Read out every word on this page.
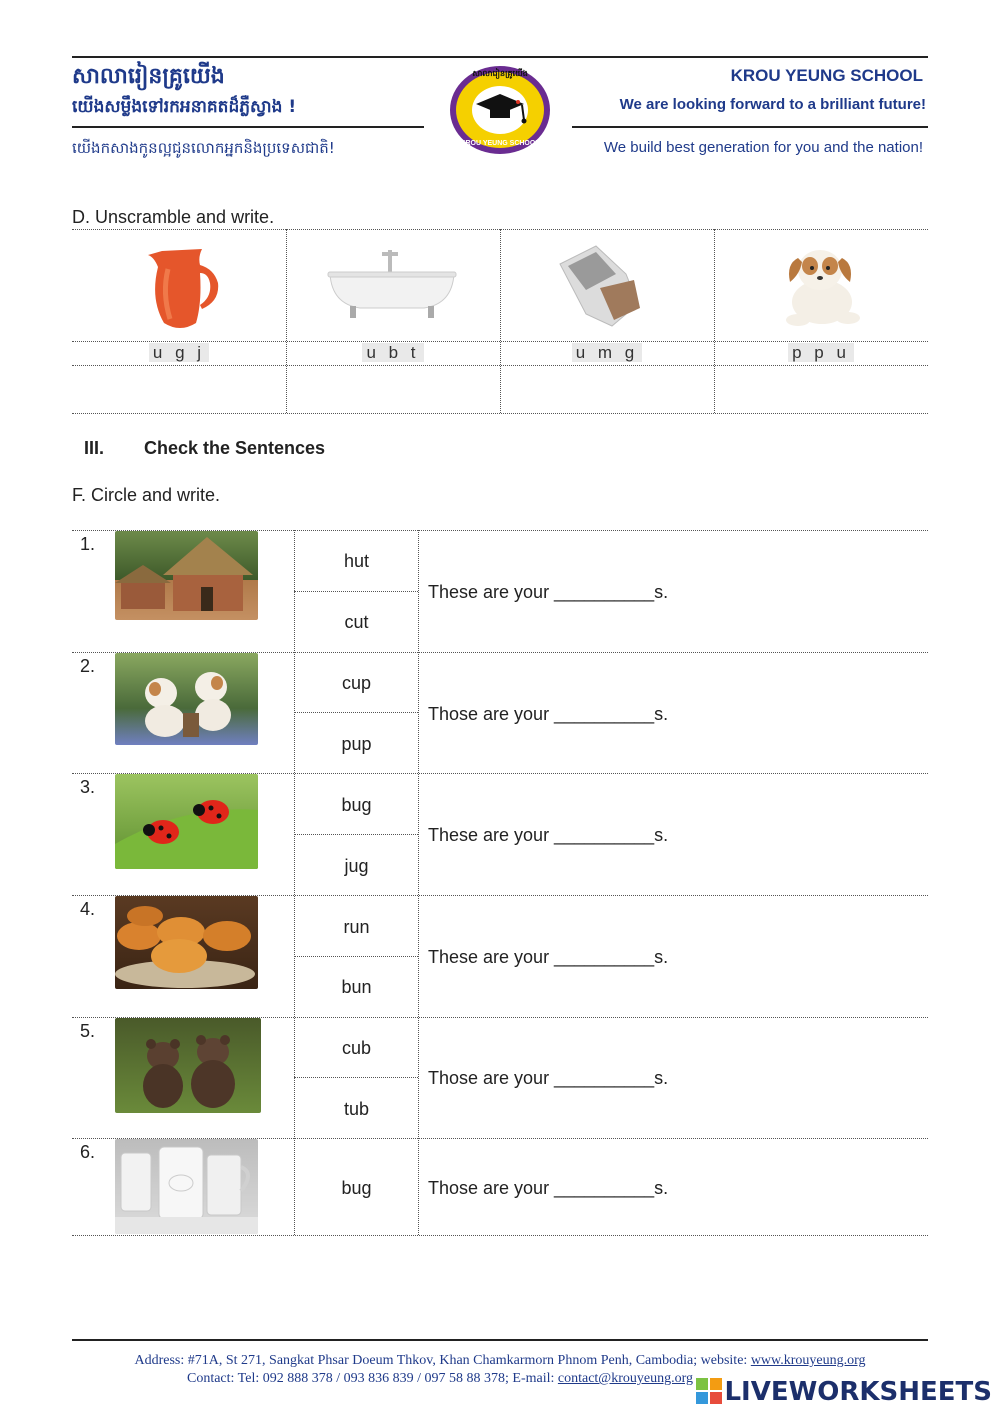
សាលារៀនគ្រូយើង
យើងសម្លឹងទៅរកអនាគតដ៏ភ្លឺស្វាង !
យើងកសាងកូនល្អជូនលោកអ្នកនិងប្រទេសជាតិ!
សាលារៀនគ្រូយើង
KROU YEUNG SCHOOL
KROU YEUNG SCHOOL
We are looking forward to a brilliant future!
We build best generation for you and the nation!
D. Unscramble and write.
u g j	u b t	u m g	p p u
III. Check the Sentences
F. Circle and write.
1.
hut
cut
These are your __________s.
2.
cup
pup
Those are your __________s.
3.
bug
jug
These are your __________s.
4.
run
bun
These are your __________s.
5.
cub
tub
Those are your __________s.
6.
bug	Those are your __________s.
Address: #71A, St 271, Sangkat Phsar Doeum Thkov, Khan Chamkarmorn Phnom Penh, Cambodia; website: www.krouyeung.org
Contact: Tel: 092 888 378 / 093 836 839 / 097 58 88 378; E-mail: contact@krouyeung.org	LIVEWORKSHEETS
